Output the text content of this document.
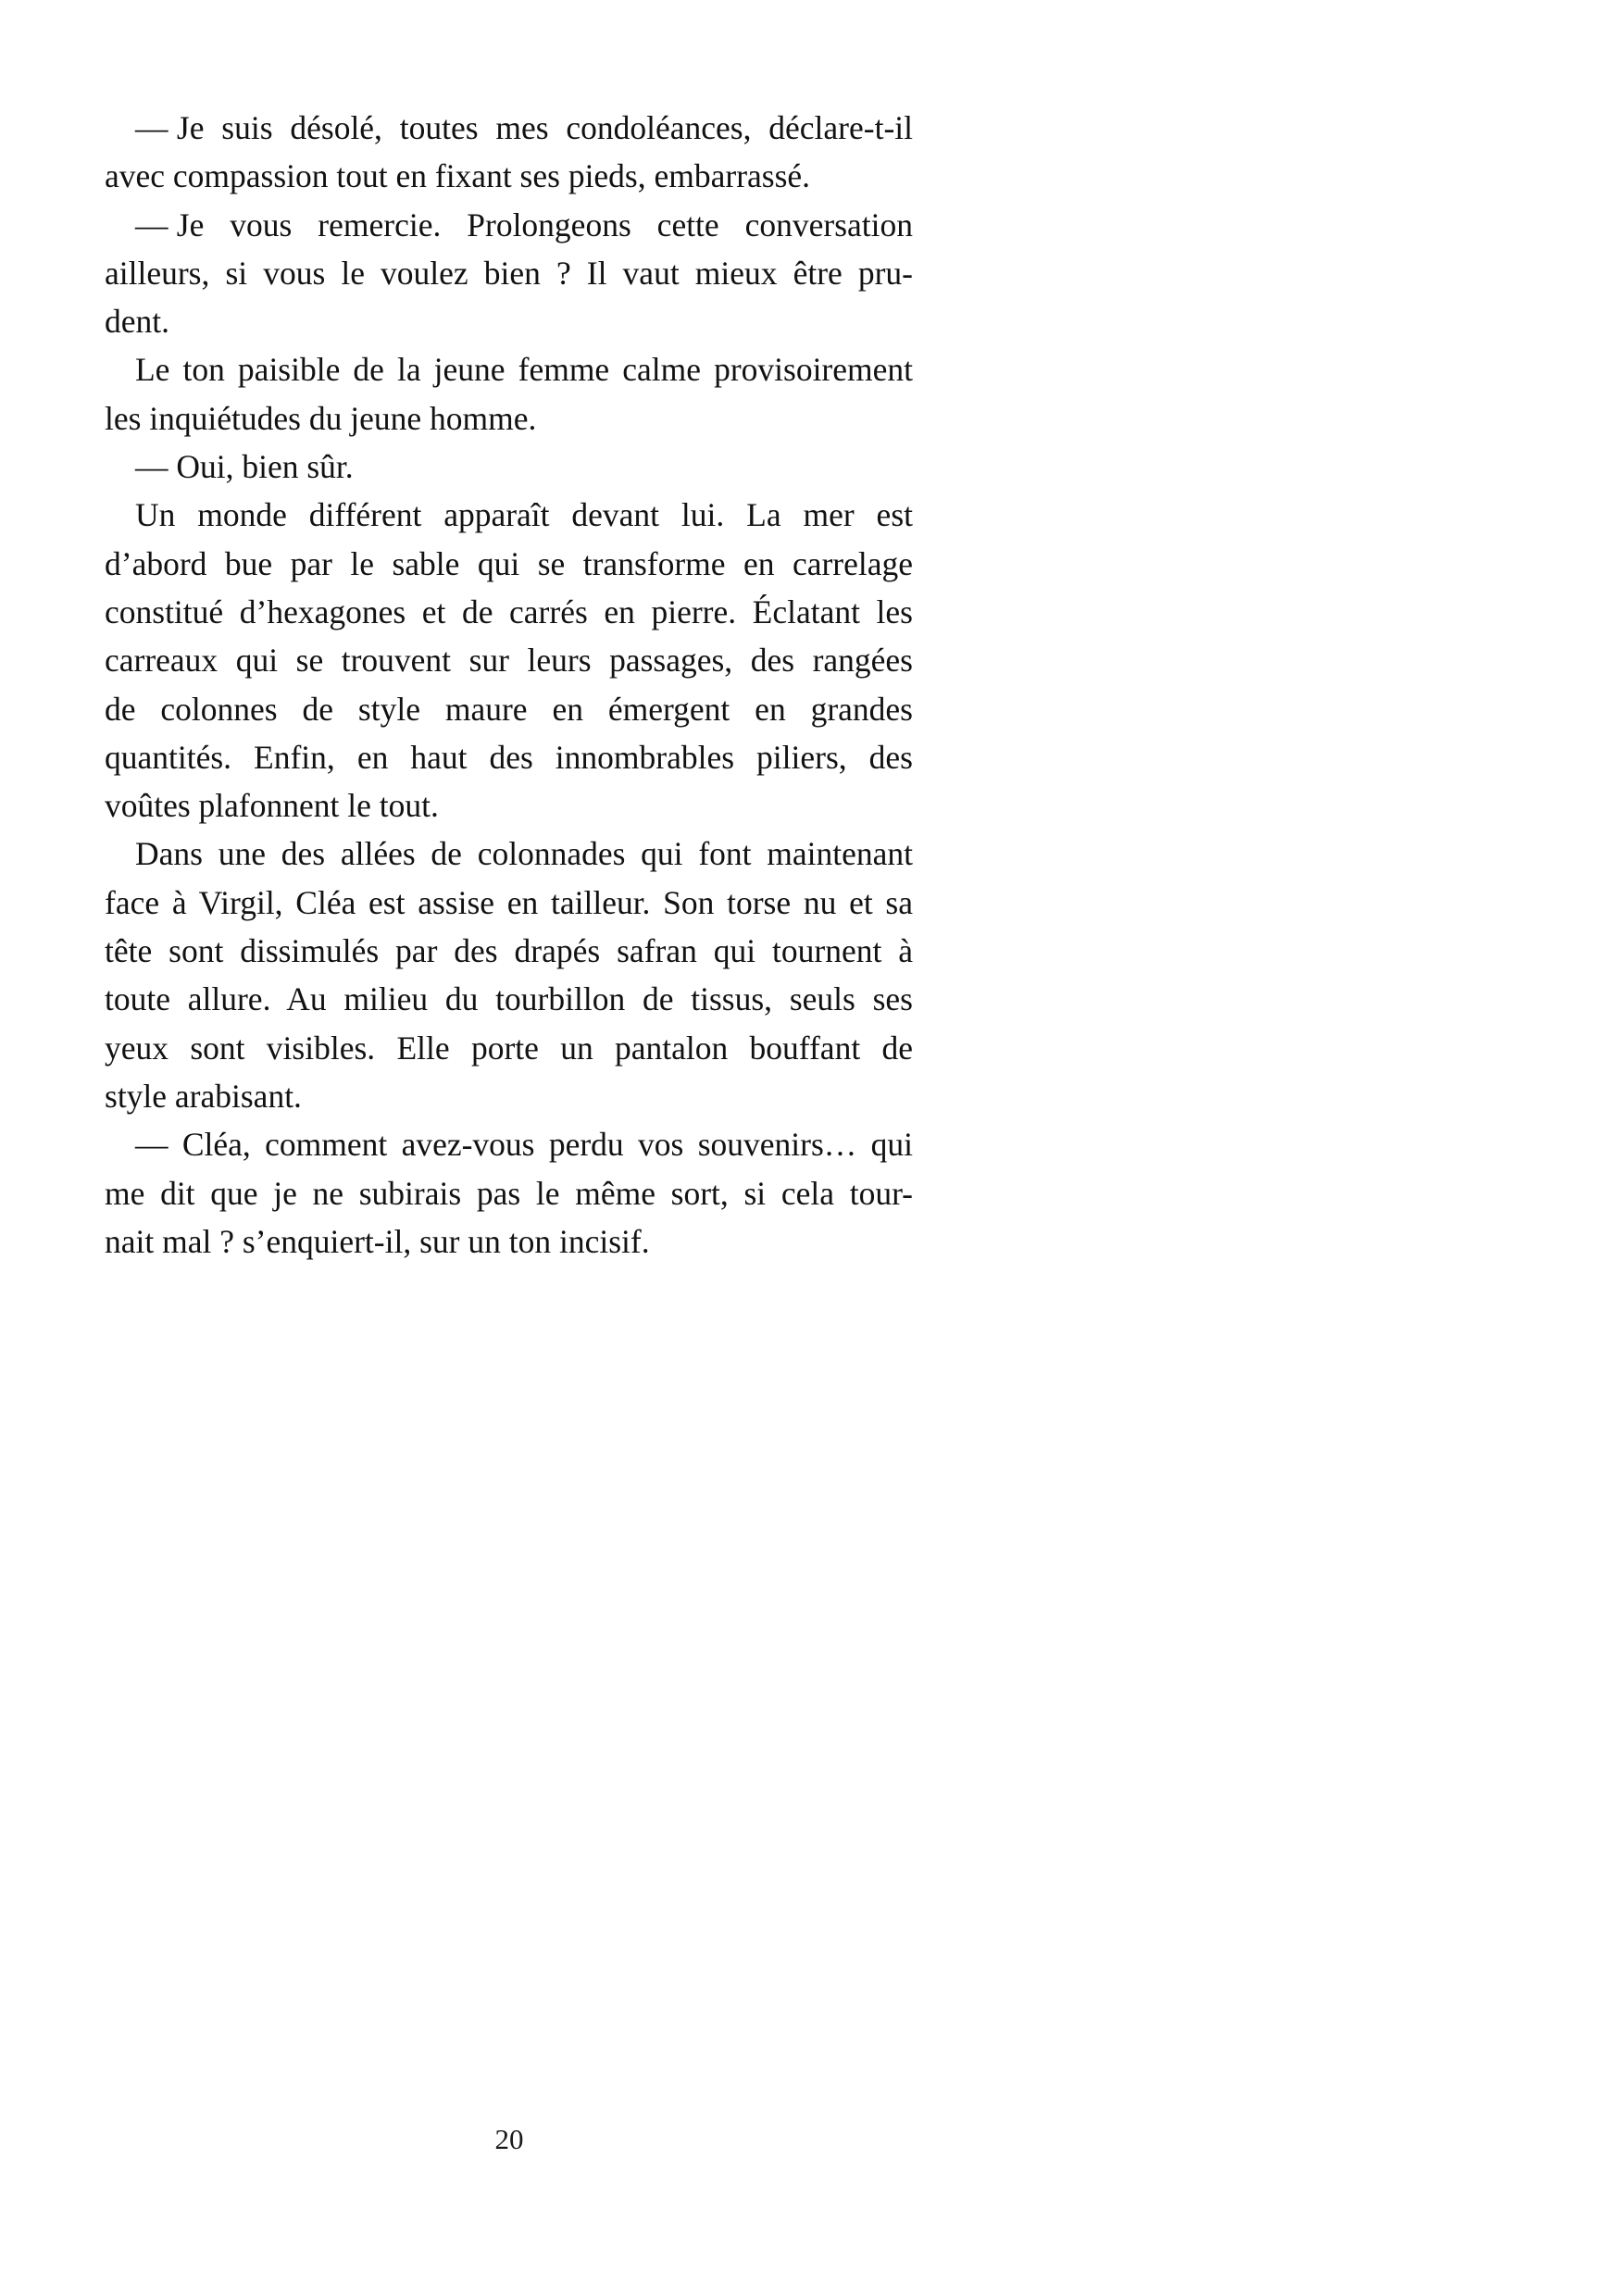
— Je  suis  désolé,  toutes  mes  condoléances,  déclare-t-il
avec compassion tout en fixant ses pieds, embarrassé.

— Je   vous   remercie.   Prolongeons   cette   conversation
ailleurs, si vous le voulez bien ? Il vaut mieux être pru-
dent.

Le ton paisible de la jeune femme calme provisoirement
les inquiétudes du jeune homme.

— Oui, bien sûr.

Un  monde  différent  apparaît  devant  lui.  La  mer  est
d’abord  bue  par  le  sable  qui  se  transforme  en  carrelage
constitué d’hexagones et de carrés en pierre. Éclatant les
carreaux qui se trouvent sur leurs passages, des rangées
de  colonnes  de  style  maure  en  émergent  en  grandes
quantités.  Enfin,  en  haut  des  innombrables  piliers,  des
voûtes plafonnent le tout.

Dans une des allées de colonnades qui font maintenant
face à Virgil, Cléa est assise en tailleur. Son torse nu et sa
tête sont dissimulés par des drapés safran qui tournent à
toute allure. Au milieu du tourbillon de tissus, seuls ses
yeux  sont  visibles.  Elle  porte  un  pantalon  bouffant  de
style arabisant.

— Cléa, comment avez-vous perdu vos souvenirs… qui
me dit que je ne subirais pas le même sort, si cela tour-
nait mal ? s’enquiert-il, sur un ton incisif.

20
